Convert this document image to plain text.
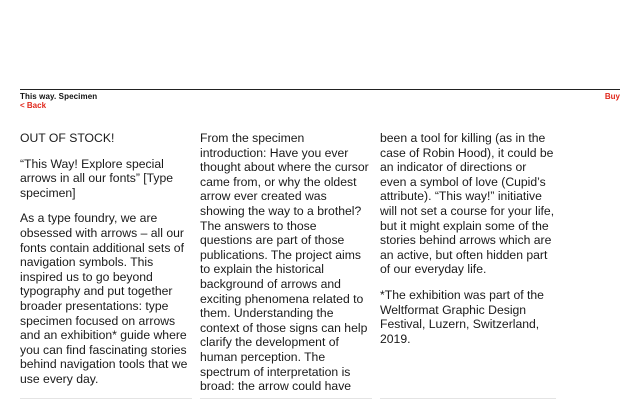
This way. Specimen
< Back
Buy

OUT OF STOCK!

“This Way! Explore special arrows in all our fonts” [Type specimen]

As a type foundry, we are obsessed with arrows – all our fonts contain additional sets of navigation symbols. This inspired us to go beyond typography and put together broader presentations: type specimen focused on arrows and an exhibition* guide where you can find fascinating stories behind navigation tools that we use every day.

From the specimen introduction: Have you ever thought about where the cursor came from, or why the oldest arrow ever created was showing the way to a brothel? The answers to those questions are part of those publications. The project aims to explain the historical background of arrows and exciting phenomena related to them. Understanding the context of those signs can help clarify the development of human perception. The spectrum of interpretation is broad: the arrow could have

been a tool for killing (as in the case of Robin Hood), it could be an indicator of directions or even a symbol of love (Cupid’s attribute). “This way!” initiative will not set a course for your life, but it might explain some of the stories behind arrows which are an active, but often hidden part of our everyday life.

*The exhibition was part of the Weltformat Graphic Design Festival, Luzern, Switzerland, 2019.
